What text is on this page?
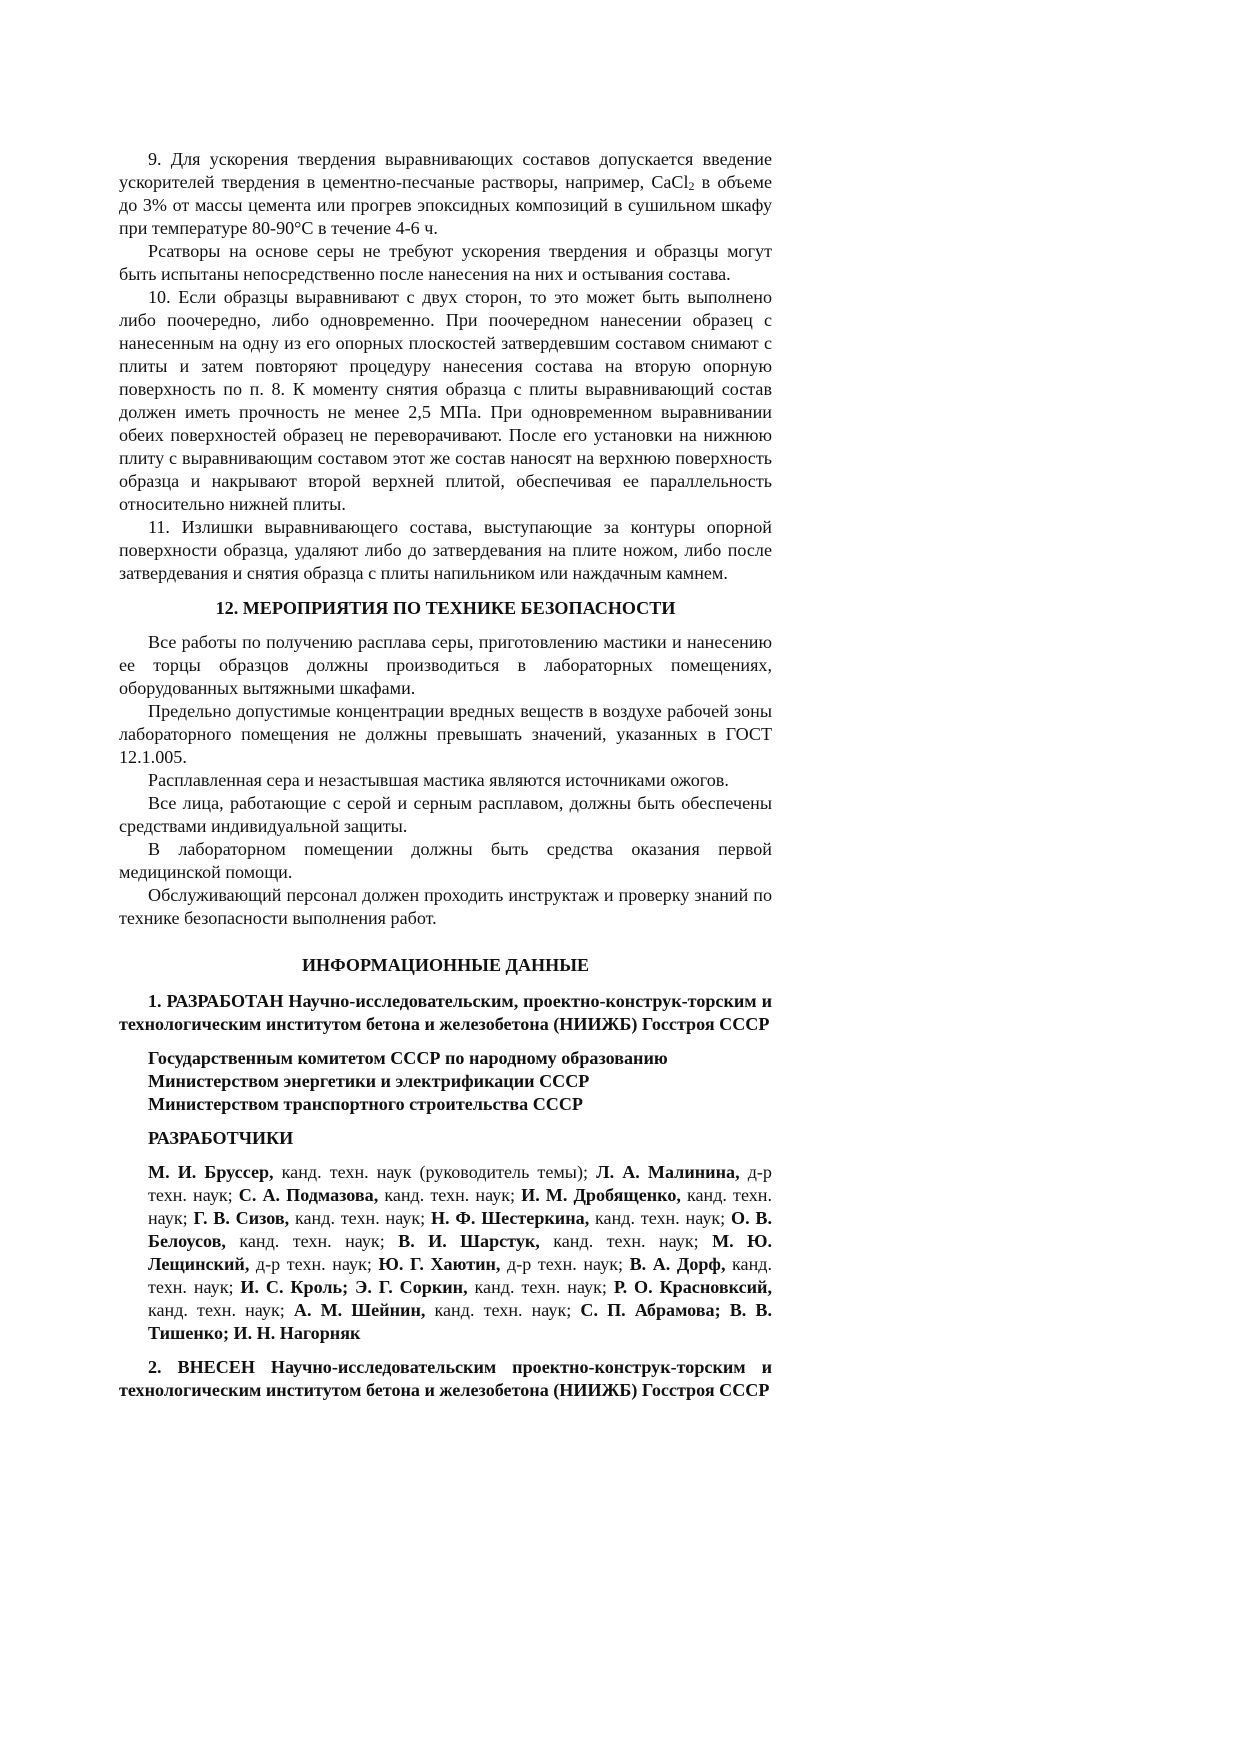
9. Для ускорения твердения выравнивающих составов допускается введение ускорителей твердения в цементно-песчаные растворы, например, CaCl$_2$ в объеме до 3% от массы цемента или прогрев эпоксидных композиций в сушильном шкафу при температуре 80-90°С в течение 4-6 ч.

Рсатворы на основе серы не требуют ускорения твердения и образцы могут быть испытаны непосредственно после нанесения на них и остывания состава.

10. Если образцы выравнивают с двух сторон, то это может быть выполнено либо поочередно, либо одновременно. При поочередном нанесении образец с нанесенным на одну из его опорных плоскостей затвердевшим составом снимают с плиты и затем повторяют процедуру нанесения состава на вторую опорную поверхность по п. 8. К моменту снятия образца с плиты выравнивающий состав должен иметь прочность не менее 2,5 МПа. При одновременном выравнивании обеих поверхностей образец не переворачивают. После его установки на нижнюю плиту с выравнивающим составом этот же состав наносят на верхнюю поверхность образца и накрывают второй верхней плитой, обеспечивая ее параллельность относительно нижней плиты.

11. Излишки выравнивающего состава, выступающие за контуры опорной поверхности образца, удаляют либо до затвердевания на плите ножом, либо после затвердевания и снятия образца с плиты напильником или наждачным камнем.

12. МЕРОПРИЯТИЯ ПО ТЕХНИКЕ БЕЗОПАСНОСТИ

Все работы по получению расплава серы, приготовлению мастики и нанесению ее торцы образцов должны производиться в лабораторных помещениях, оборудованных вытяжными шкафами.

Предельно допустимые концентрации вредных веществ в воздухе рабочей зоны лабораторного помещения не должны превышать значений, указанных в ГОСТ 12.1.005.

Расплавленная сера и незастывшая мастика являются источниками ожогов.

Все лица, работающие с серой и серным расплавом, должны быть обеспечены средствами индивидуальной защиты.

В лабораторном помещении должны быть средства оказания первой медицинской помощи.

Обслуживающий персонал должен проходить инструктаж и проверку знаний по технике безопасности выполнения работ.

ИНФОРМАЦИОННЫЕ ДАННЫЕ

1. РАЗРАБОТАН Научно-исследовательским, проектно-конструк-торским и технологическим институтом бетона и железобетона (НИИЖБ) Госстроя СССР

Государственным комитетом СССР по народному образованию
Министерством энергетики и электрификации СССР
Министерством транспортного строительства СССР
РАЗРАБОТЧИКИ

М. И. Бруссер, канд. техн. наук (руководитель темы); Л. А. Малинина, д-р техн. наук; С. А. Подмазова, канд. техн. наук; И. М. Дробященко, канд. техн. наук; Г. В. Сизов, канд. техн. наук; Н. Ф. Шестеркина, канд. техн. наук; О. В. Белоусов, канд. техн. наук; В. И. Шарстук, канд. техн. наук; М. Ю. Лещинский, д-р техн. наук; Ю. Г. Хаютин, д-р техн. наук; В. А. Дорф, канд. техн. наук; И. С. Кроль; Э. Г. Соркин, канд. техн. наук; Р. О. Красновксий, канд. техн. наук; А. М. Шейнин, канд. техн. наук; С. П. Абрамова; В. В. Тишенко; И. Н. Нагорняк

2. ВНЕСЕН Научно-исследовательским проектно-конструк-торским и технологическим институтом бетона и железобетона (НИИЖБ) Госстроя СССР
